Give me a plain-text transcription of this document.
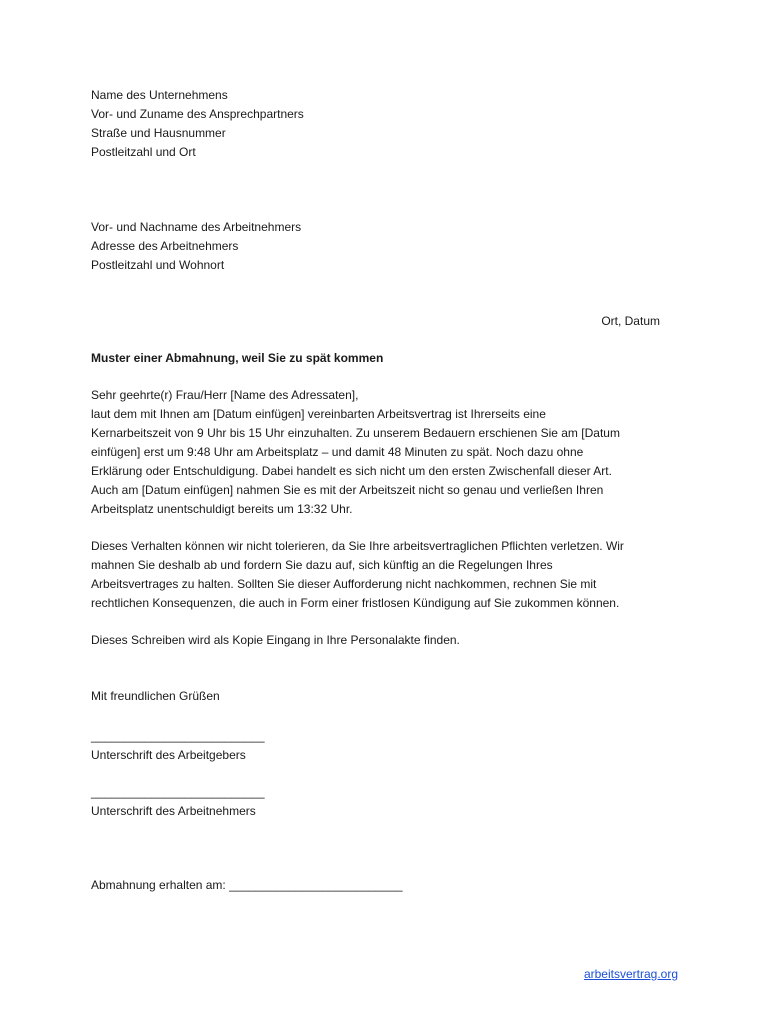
Name des Unternehmens
Vor- und Zuname des Ansprechpartners
Straße und Hausnummer
Postleitzahl und Ort
Vor- und Nachname des Arbeitnehmers
Adresse des Arbeitnehmers
Postleitzahl und Wohnort
Ort, Datum
Muster einer Abmahnung, weil Sie zu spät kommen
Sehr geehrte(r) Frau/Herr [Name des Adressaten],
laut dem mit Ihnen am [Datum einfügen] vereinbarten Arbeitsvertrag ist Ihrerseits eine
Kernarbeitszeit von 9 Uhr bis 15 Uhr einzuhalten. Zu unserem Bedauern erschienen Sie am [Datum
einfügen] erst um 9:48 Uhr am Arbeitsplatz – und damit 48 Minuten zu spät. Noch dazu ohne
Erklärung oder Entschuldigung. Dabei handelt es sich nicht um den ersten Zwischenfall dieser Art.
Auch am [Datum einfügen] nahmen Sie es mit der Arbeitszeit nicht so genau und verließen Ihren
Arbeitsplatz unentschuldigt bereits um 13:32 Uhr.
Dieses Verhalten können wir nicht tolerieren, da Sie Ihre arbeitsvertraglichen Pflichten verletzen. Wir
mahnen Sie deshalb ab und fordern Sie dazu auf, sich künftig an die Regelungen Ihres
Arbeitsvertrages zu halten. Sollten Sie dieser Aufforderung nicht nachkommen, rechnen Sie mit
rechtlichen Konsequenzen, die auch in Form einer fristlosen Kündigung auf Sie zukommen können.
Dieses Schreiben wird als Kopie Eingang in Ihre Personalakte finden.
Mit freundlichen Grüßen
__________________________
Unterschrift des Arbeitgebers
__________________________
Unterschrift des Arbeitnehmers
Abmahnung erhalten am: __________________________
arbeitsvertrag.org
